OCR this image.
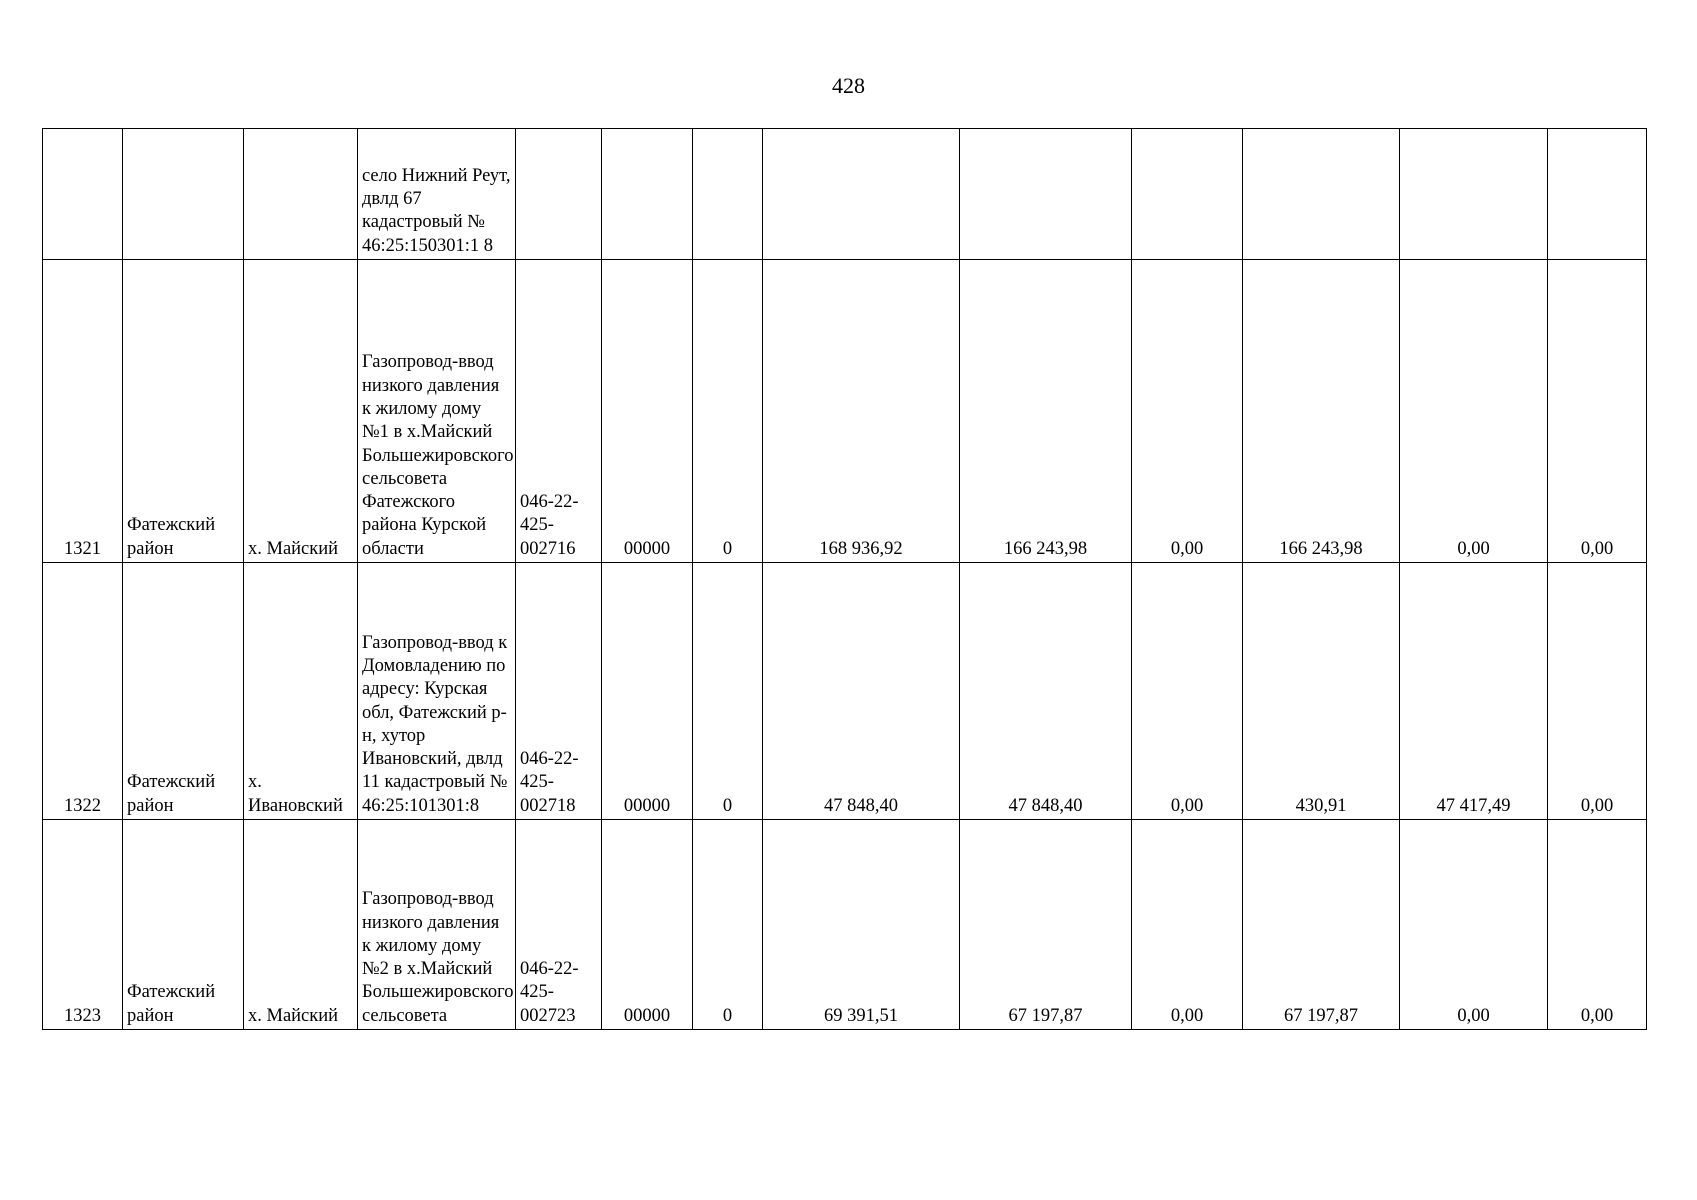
428
			село Нижний Реут, двлд 67 кадастровый № 46:25:150301:1 8									
1321	Фатежский район	х. Майский	Газопровод-ввод низкого давления к жилому дому №1 в х.Майский Большежировского сельсовета Фатежского района Курской области	046-22-425-002716	00000	0	168 936,92	166 243,98	0,00	166 243,98	0,00	0,00
1322	Фатежский район	х. Ивановский	Газопровод-ввод к Домовладению по адресу: Курская обл, Фатежский р-н, хутор Ивановский, двлд 11 кадастровый № 46:25:101301:8	046-22-425-002718	00000	0	47 848,40	47 848,40	0,00	430,91	47 417,49	0,00
1323	Фатежский район	х. Майский	Газопровод-ввод низкого давления к жилому дому №2 в х.Майский Большежировского сельсовета	046-22-425-002723	00000	0	69 391,51	67 197,87	0,00	67 197,87	0,00	0,00
